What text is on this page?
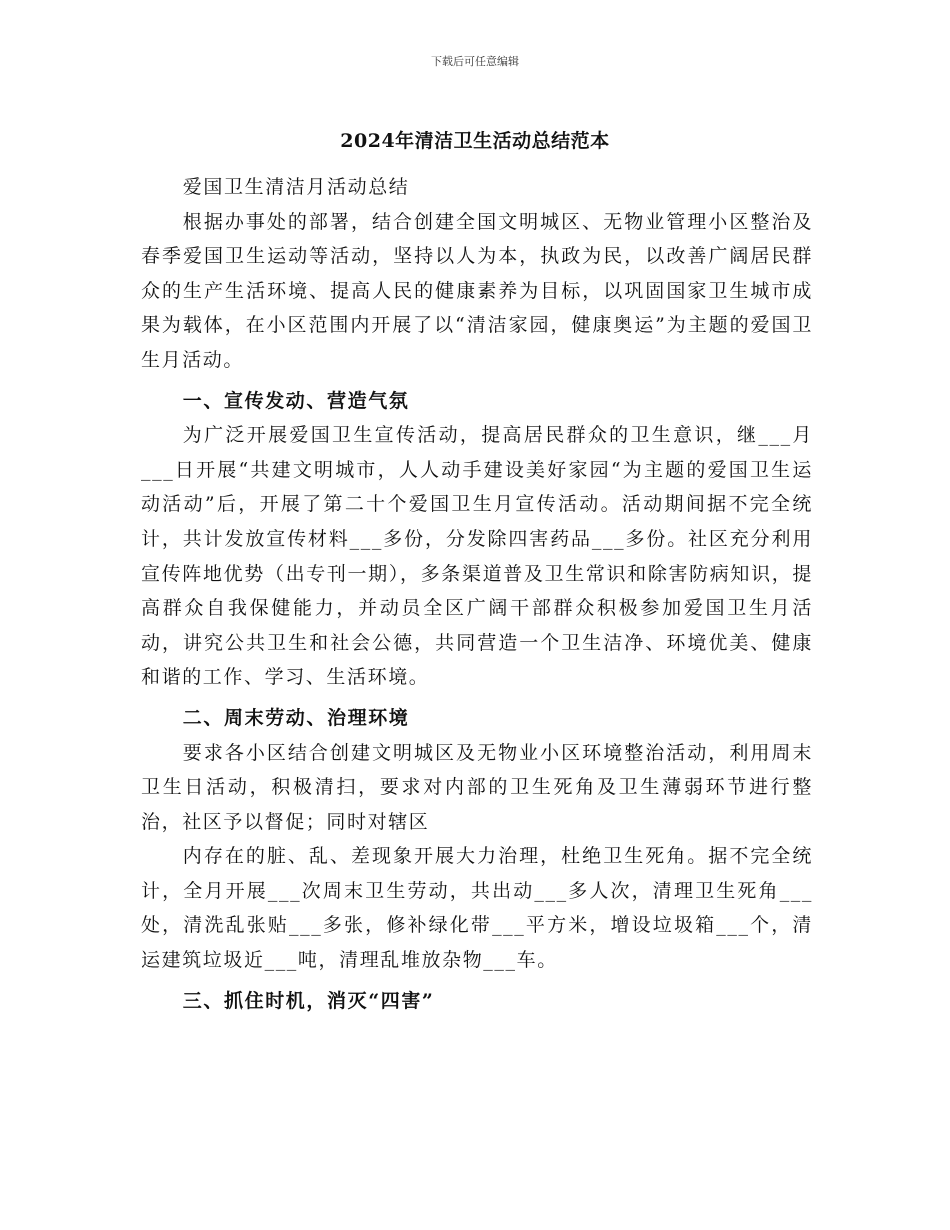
下载后可任意编辑
2024年清洁卫生活动总结范本

爱国卫生清洁月活动总结

根据办事处的部署，结合创建全国文明城区、无物业管理小区整治及春季爱国卫生运动等活动，坚持以人为本，执政为民，以改善广阔居民群众的生产生活环境、提高人民的健康素养为目标，以巩固国家卫生城市成果为载体，在小区范围内开展了以“清洁家园，健康奥运”为主题的爱国卫生月活动。

一、宣传发动、营造气氛

为广泛开展爱国卫生宣传活动，提高居民群众的卫生意识，继___月___日开展“共建文明城市，人人动手建设美好家园“为主题的爱国卫生运动活动”后，开展了第二十个爱国卫生月宣传活动。活动期间据不完全统计，共计发放宣传材料___多份，分发除四害药品___多份。社区充分利用宣传阵地优势（出专刊一期），多条渠道普及卫生常识和除害防病知识，提高群众自我保健能力，并动员全区广阔干部群众积极参加爱国卫生月活动，讲究公共卫生和社会公德，共同营造一个卫生洁净、环境优美、健康和谐的工作、学习、生活环境。

二、周末劳动、治理环境

要求各小区结合创建文明城区及无物业小区环境整治活动，利用周末卫生日活动，积极清扫，要求对内部的卫生死角及卫生薄弱环节进行整治，社区予以督促；同时对辖区

内存在的脏、乱、差现象开展大力治理，杜绝卫生死角。据不完全统计，全月开展___次周末卫生劳动，共出动___多人次，清理卫生死角___处，清洗乱张贴___多张，修补绿化带___平方米，增设垃圾箱___个，清运建筑垃圾近___吨，清理乱堆放杂物___车。

三、抓住时机，消灭“四害”
